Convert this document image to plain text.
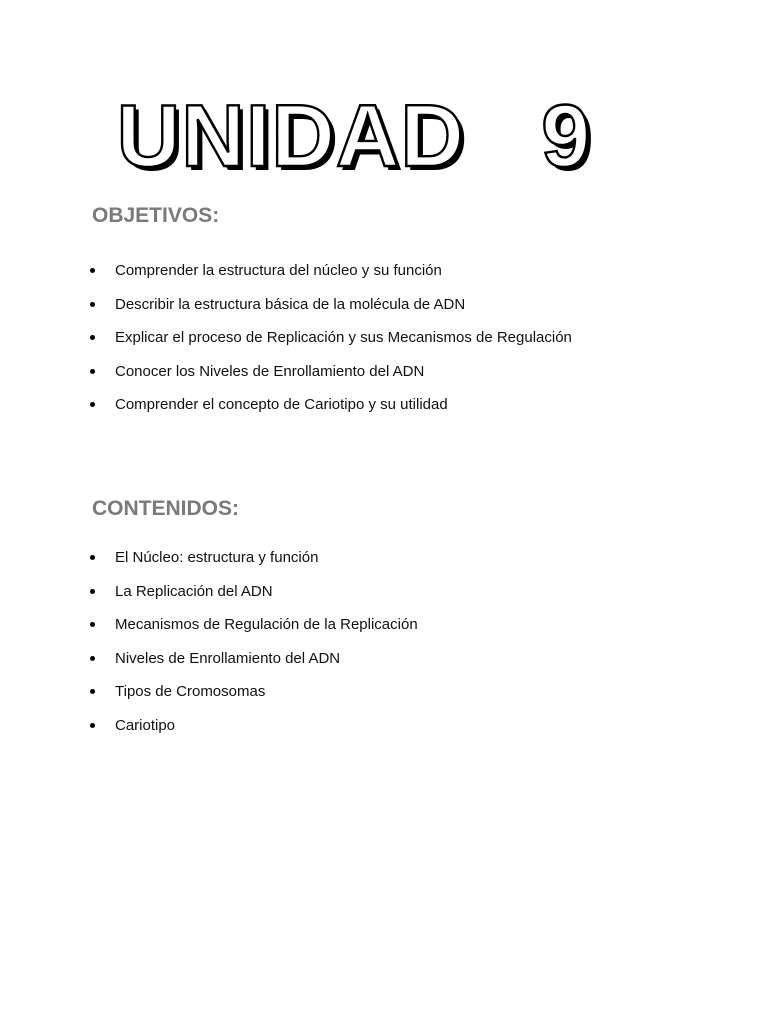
UNIDAD   9
OBJETIVOS:
Comprender la estructura del núcleo y su función
Describir la estructura básica de la molécula de ADN
Explicar el proceso de Replicación y sus Mecanismos de Regulación
Conocer los Niveles de Enrollamiento del ADN
Comprender el concepto de Cariotipo y su utilidad
CONTENIDOS:
El Núcleo: estructura y función
La Replicación del ADN
Mecanismos de Regulación de la Replicación
Niveles de Enrollamiento del ADN
Tipos de Cromosomas
Cariotipo
